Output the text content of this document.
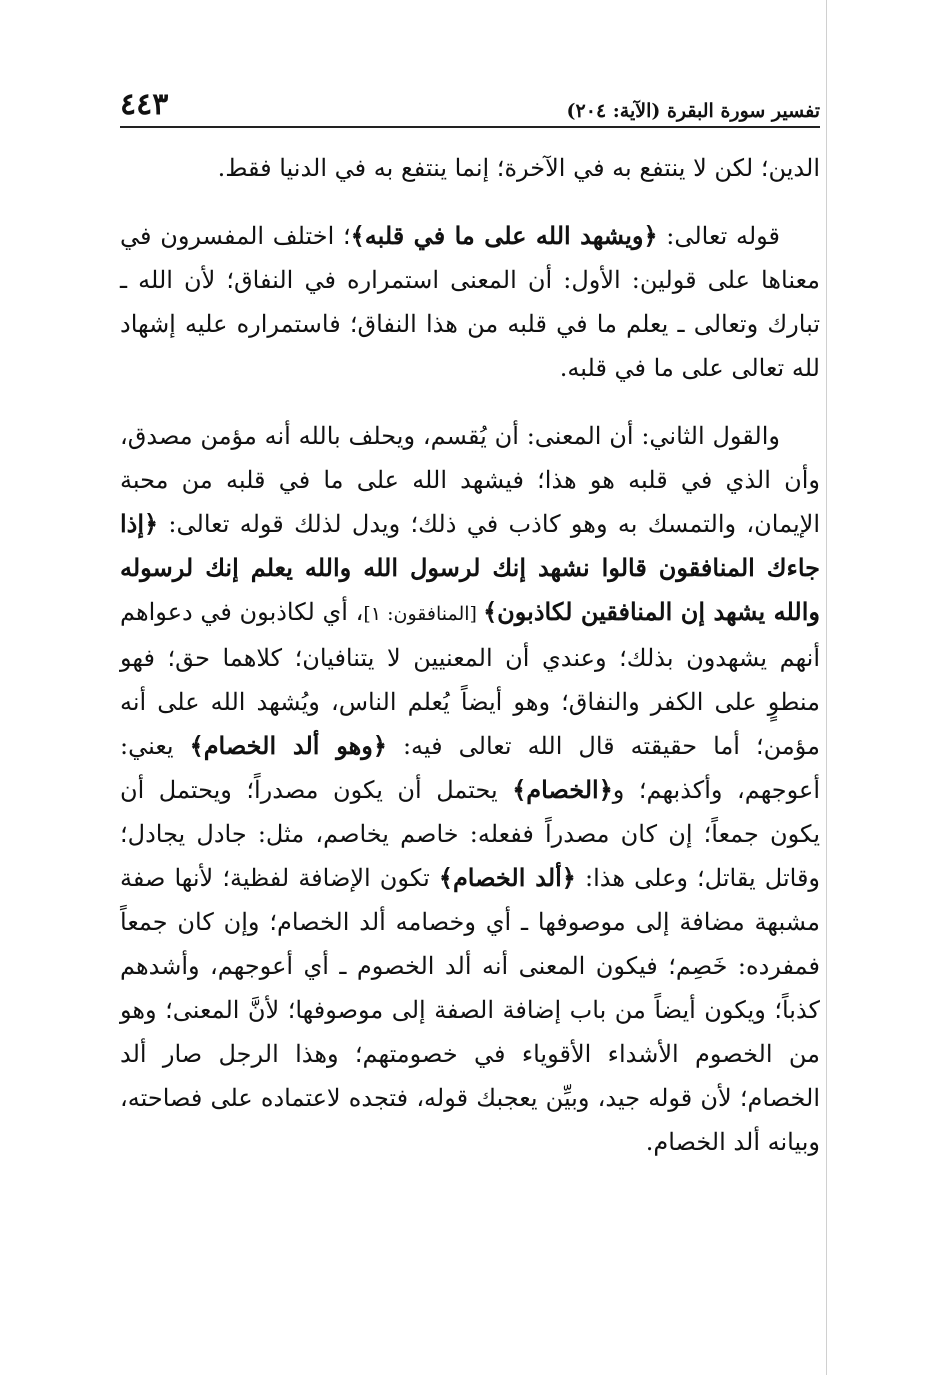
تفسير سورة البقرة (الآية: ٢٠٤)
٤٤٣

الدين؛ لكن لا ينتفع به في الآخرة؛ إنما ينتفع به في الدنيا فقط.

قوله تعالى: ﴿ويشهد الله على ما في قلبه﴾؛ اختلف المفسرون في معناها على قولين: الأول: أن المعنى استمراره في النفاق؛ لأن الله ـ تبارك وتعالى ـ يعلم ما في قلبه من هذا النفاق؛ فاستمراره عليه إشهاد لله تعالى على ما في قلبه.

والقول الثاني: أن المعنى: أن يُقسم، ويحلف بالله أنه مؤمن مصدق، وأن الذي في قلبه هو هذا؛ فيشهد الله على ما في قلبه من محبة الإيمان، والتمسك به وهو كاذب في ذلك؛ ويدل لذلك قوله تعالى: ﴿إذا جاءك المنافقون قالوا نشهد إنك لرسول الله والله يعلم إنك لرسوله والله يشهد إن المنافقين لكاذبون﴾ [المنافقون: ١]، أي لكاذبون في دعواهم أنهم يشهدون بذلك؛ وعندي أن المعنيين لا يتنافيان؛ كلاهما حق؛ فهو منطوٍ على الكفر والنفاق؛ وهو أيضاً يُعلم الناس، ويُشهد الله على أنه مؤمن؛ أما حقيقته قال الله تعالى فيه: ﴿وهو ألد الخصام﴾ يعني: أعوجهم، وأكذبهم؛ و﴿الخصام﴾ يحتمل أن يكون مصدراً؛ ويحتمل أن يكون جمعاً؛ إن كان مصدراً ففعله: خاصم يخاصم، مثل: جادل يجادل؛ وقاتل يقاتل؛ وعلى هذا: ﴿ألد الخصام﴾ تكون الإضافة لفظية؛ لأنها صفة مشبهة مضافة إلى موصوفها ـ أي وخصامه ألد الخصام؛ وإن كان جمعاً فمفرده: خَصِم؛ فيكون المعنى أنه ألد الخصوم ـ أي أعوجهم، وأشدهم كذباً؛ ويكون أيضاً من باب إضافة الصفة إلى موصوفها؛ لأنَّ المعنى؛ وهو من الخصوم الأشداء الأقوياء في خصومتهم؛ وهذا الرجل صار ألد الخصام؛ لأن قوله جيد، وبيِّن يعجبك قوله، فتجده لاعتماده على فصاحته، وبيانه ألد الخصام.
